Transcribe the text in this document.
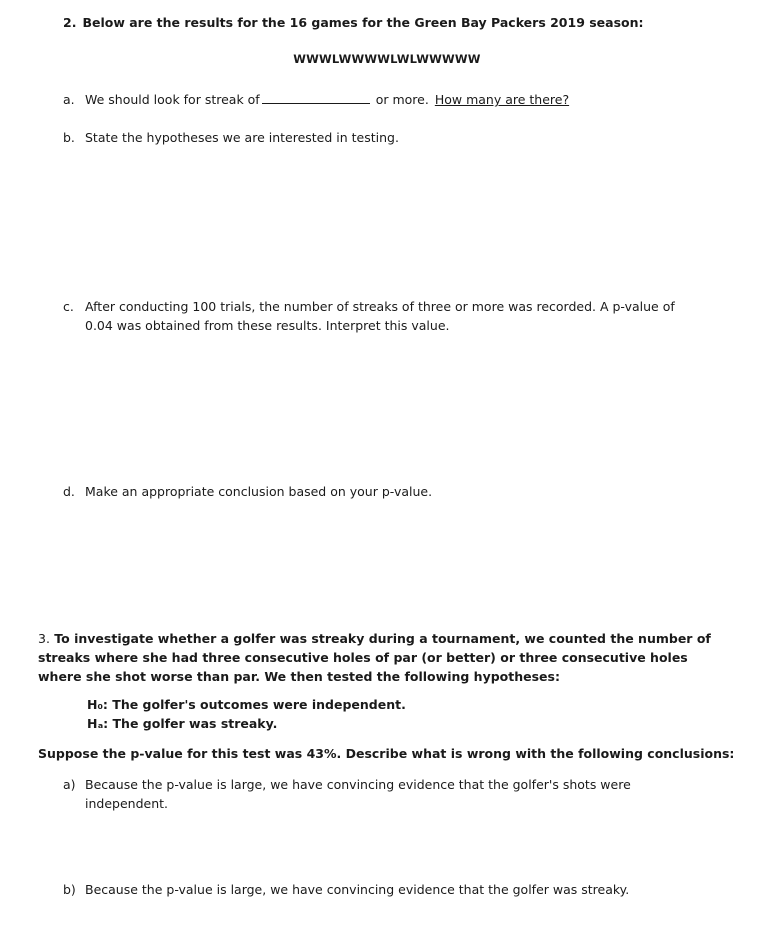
2. Below are the results for the 16 games for the Green Bay Packers 2019 season:
WWWLWWWWLWLWWWWW
a. We should look for streak of	or more. How many are there?
b. State the hypotheses we are interested in testing.
c. After conducting 100 trials, the number of streaks of three or more was recorded. A p-value of
0.04 was obtained from these results. Interpret this value.
d. Make an appropriate conclusion based on your p-value.
3. To investigate whether a golfer was streaky during a tournament, we counted the number of streaks where she had three consecutive holes of par (or better) or three consecutive holes where she shot worse than par. We then tested the following hypotheses:
H₀: The golfer's outcomes were independent.
Hₐ: The golfer was streaky.
Suppose the p-value for this test was 43%. Describe what is wrong with the following conclusions:
a) Because the p-value is large, we have convincing evidence that the golfer's shots were
independent.
b) Because the p-value is large, we have convincing evidence that the golfer was streaky.
